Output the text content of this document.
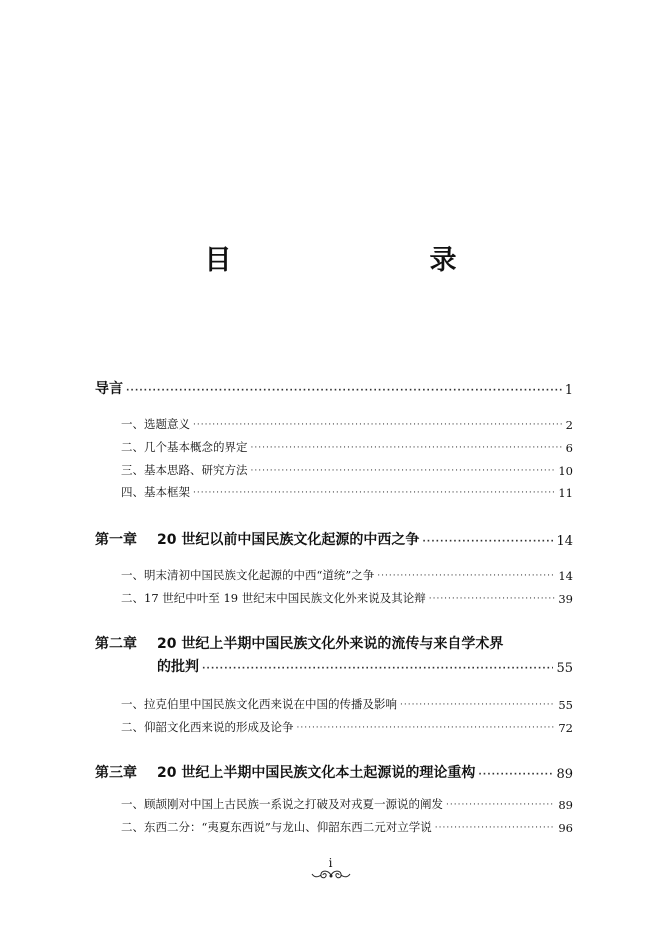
目　　录
导言 ·····	1
一、选题意义 ·····	2
二、几个基本概念的界定 ·····	6
三、基本思路、研究方法 ·····	10
四、基本框架 ·····	11
第一章 20 世纪以前中国民族文化起源的中西之争 ·····	14
一、明末清初中国民族文化起源的中西“道统”之争 ·····	14
二、17 世纪中叶至 19 世纪末中国民族文化外来说及其论辩 ·····	39
第二章 20 世纪上半期中国民族文化外来说的流传与来自学术界
的批判 ·····	55
一、拉克伯里中国民族文化西来说在中国的传播及影响 ·····	55
二、仰韶文化西来说的形成及论争 ·····	72
第三章 20 世纪上半期中国民族文化本土起源说的理论重构 ·····	89
一、顾颉刚对中国上古民族一系说之打破及对戎夏一源说的阐发 ·····	89
二、东西二分：“夷夏东西说”与龙山、仰韶东西二元对立学说 ·····	96
i
